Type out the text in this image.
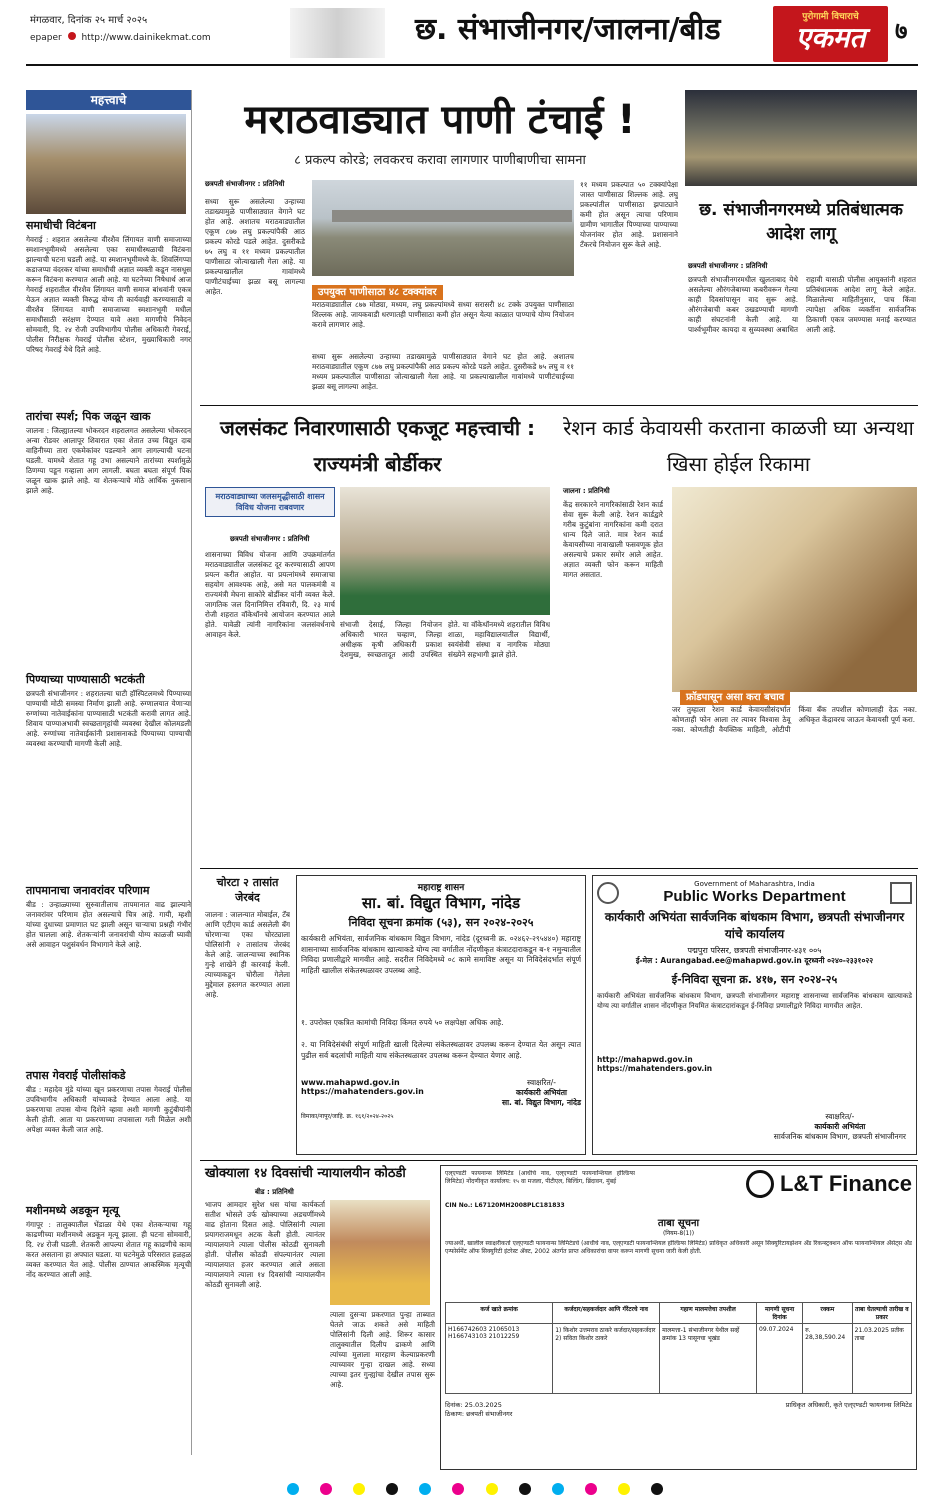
मंगळवार, दिनांक २५ मार्च २०२५
epaper http://www.dainikekmat.com	छ. संभाजीनगर/जालना/बीड	पुरोगामी विचाराचे
एकमत	७
महत्त्वाचे
समाधीची विटंबना
गेवराई : शहरात असलेल्या वीरशैव लिंगायत वाणी समाजाच्या स्मशानभूमीमध्ये असलेल्या एका समाधीस्थळाची विटंबना झाल्याची घटना घडली आहे. या स्मशानभूमीमध्ये के. शिवलिंगप्पा कडाजप्पा वंदरकर यांच्या समाधीची अज्ञात व्यक्ती कडून नासधूस करून विटंबना करण्यात आली आहे. या घटनेच्या निषेधार्थ आज गेवराई शहरातील वीरशैव लिंगायत वाणी समाज बांधवांनी एकत्र येऊन अज्ञात व्यक्ती विरुद्ध योग्य ती कार्यवाही करण्यासाठी व वीरशैव लिंगायत वाणी समाजाच्या स्मशानभूमी मधील समाधीसाठी सरंक्षण देण्यात यावे अशा मागणीचे निवेदन सोमवारी, दि. २४ रोजी उपविभागीय पोलीस अधिकारी गेवराई, पोलीस निरीक्षक गेवराई पोलीस स्टेशन, मुख्याधिकारी नगर परिषद गेवराई येथे दिले आहे.
तारांचा स्पर्श; पिक जळून खाक
जालना : जिल्ह्यातल्या भोकरदन शहरालगत असलेल्या भोकरदन अन्वा रोडवर आलापूर शिवारात एका शेतात उच्च विद्युत दाब वाहिनीच्या तारा एकमेकांवर पडल्याने आग लागल्याची घटना घडली. यामध्ये शेतात गहू उभा असल्याने तारांच्या स्पर्शामुळे ठिणग्या पडून गव्हाला आग लागली. बघता बघता संपूर्ण पिक जळून खाक झाले आहे. या शेतकऱ्याचे मोठे आर्थिक नुकसान झाले आहे.
पिण्याच्या पाण्यासाठी भटकंती
छत्रपती संभाजीनगर : शहरातल्या घाटी हॉस्पिटलमध्ये पिण्याच्या पाण्याची मोठी समस्या निर्माण झाली आहे. रुग्णालयात येणाऱ्या रुग्णांच्या नातेवाईकांना पाण्यासाठी भटकंती करावी लागत आहे. शिवाय पाण्याअभावी स्वच्छतागृहांची व्यवस्था देखील कोलमडली आहे. रुग्णांच्या नातेवाईकांनी प्रशासनाकडे पिण्याच्या पाण्याची व्यवस्था करण्याची मागणी केली आहे.
तापमानाचा जनावरांवर परिणाम
बीड : उन्हाळ्याच्या सुरुवातीलाच तापमानात वाढ झाल्याने जनावरांवर परिणाम होत असल्याचे चित्र आहे. गायी, म्हशी यांच्या दुधाच्या प्रमाणात घट झाली असून चाऱ्याचा प्रश्नही गंभीर होत चालला आहे. शेतकऱ्यांनी जनावरांची योग्य काळजी घ्यावी असे आवाहन पशुसंवर्धन विभागाने केले आहे.
तपास गेवराई पोलीसांकडे
बीड : महादेव मुंडे यांच्या खून प्रकरणाचा तपास गेवराई पोलीस उपविभागीय अधिकारी यांच्याकडे देण्यात आला आहे. या प्रकरणाचा तपास योग्य दिशेने व्हावा अशी मागणी कुटुंबीयांनी केली होती. आता या प्रकरणाच्या तपासाला गती मिळेल अशी अपेक्षा व्यक्त केली जात आहे.
मशीनमध्ये अडकून मृत्यू
गंगापूर : तालुक्यातील भेंडाळा येथे एका शेतकऱ्याचा गहू काढणीच्या मशीनमध्ये अडकून मृत्यू झाला. ही घटना सोमवारी, दि. २४ रोजी घडली. शेतकरी आपल्या शेतात गहू काढणीचे काम करत असताना हा अपघात घडला. या घटनेमुळे परिसरात हळहळ व्यक्त करण्यात येत आहे. पोलीस ठाण्यात आकस्मिक मृत्यूची नोंद करण्यात आली आहे.
मराठवाड्यात पाणी टंचाई !
८ प्रकल्प कोरडे; लवकरच करावा लागणार पाणीबाणीचा सामना
छत्रपती संभाजीनगर : प्रतिनिधी
सध्या सुरू असलेल्या उन्हाच्या तडाख्यामुळे पाणीसाठ्यात वेगाने घट होत आहे. अशातच मराठवाड्यातील एकूण ८७७ लघु प्रकल्पांपैकी आठ प्रकल्प कोरडे पडले आहेत. दुसरीकडे ७५ लघु व ११ मध्यम प्रकल्पातील पाणीसाठा जोत्याखाली गेला आहे. या प्रकल्पाखालील गावांमध्ये पाणीटंचाईच्या झळा बसू लागल्या आहेत.	उपयुक्त पाणीसाठा ४८ टक्क्यांवर
मराठवाड्यातील ८७७ मोठ्या, मध्यम, लघु प्रकल्पांमध्ये सध्या सरासरी ४८ टक्के उपयुक्त पाणीसाठा शिल्लक आहे. जायकवाडी धरणातही पाणीसाठा कमी होत असून येत्या काळात पाण्याचे योग्य नियोजन करावे लागणार आहे.
सध्या सुरू असलेल्या उन्हाच्या तडाख्यामुळे पाणीसाठ्यात वेगाने घट होत आहे. अशातच मराठवाड्यातील एकूण ८७७ लघु प्रकल्पांपैकी आठ प्रकल्प कोरडे पडले आहेत. दुसरीकडे ७५ लघु व ११ मध्यम प्रकल्पातील पाणीसाठा जोत्याखाली गेला आहे. या प्रकल्पाखालील गावांमध्ये पाणीटंचाईच्या झळा बसू लागल्या आहेत.
११ मध्यम प्रकल्पात ५० टक्क्यांपेक्षा जास्त पाणीसाठा शिल्लक आहे. लघु प्रकल्पांतील पाणीसाठा झपाट्याने कमी होत असून त्याचा परिणाम ग्रामीण भागातील पिण्याच्या पाण्याच्या योजनांवर होत आहे. प्रशासनाने टँकरचे नियोजन सुरू केले आहे.
छ. संभाजीनगरमध्ये प्रतिबंधात्मक आदेश लागू
छत्रपती संभाजीनगर : प्रतिनिधी
छत्रपती संभाजीनगरमधील खुलताबाद येथे असलेल्या औरंगजेबाच्या कबरीवरून गेल्या काही दिवसांपासून वाद सुरू आहे. औरंगजेबाची कबर उखडण्याची मागणी काही संघटनांनी केली आहे. या पार्श्वभूमीवर कायदा व सुव्यवस्था अबाधित राहावी यासाठी पोलीस आयुक्तांनी शहरात प्रतिबंधात्मक आदेश लागू केले आहेत. मिळालेल्या माहितीनुसार, पाच किंवा त्यापेक्षा अधिक व्यक्तींना सार्वजनिक ठिकाणी एकत्र जमण्यास मनाई करण्यात आली आहे.
जलसंकट निवारणासाठी एकजूट महत्त्वाची : राज्यमंत्री बोर्डीकर
मराठवाड्याच्या जलसमृद्धीसाठी शासन विविध योजना राबवणार
छत्रपती संभाजीनगर : प्रतिनिधी
शासनाच्या विविध योजना आणि उपक्रमांतर्गत मराठवाड्यातील जलसंकट दूर करण्यासाठी आपण प्रयत्न करीत आहोत. या प्रयत्नांमध्ये समाजाचा सहयोग आवश्यक आहे, असे मत पालकमंत्री व राज्यमंत्री मेघना साकोरे बोर्डीकर यांनी व्यक्त केले. जागतिक जल दिनानिमित्त रविवारी, दि. २३ मार्च रोजी शहरात वॉकेथॉनचे आयोजन करण्यात आले होते. यावेळी त्यांनी नागरिकांना जलसंवर्धनाचे आवाहन केले.
संभाजी देसाई, जिल्हा नियोजन अधिकारी भारत चव्हाण, जिल्हा अधीक्षक कृषी अधिकारी प्रकाश देशमुख, स्वच्छतादूत आदी उपस्थित होते. या वॉकेथॉनमध्ये शहरातील विविध शाळा, महाविद्यालयातील विद्यार्थी, स्वयंसेवी संस्था व नागरिक मोठ्या संख्येने सहभागी झाले होते.
रेशन कार्ड केवायसी करताना काळजी घ्या अन्यथा खिसा होईल रिकामा
जालना : प्रतिनिधी
केंद्र सरकारने नागरिकांसाठी रेशन कार्ड सेवा सुरू केली आहे. रेशन कार्डद्वारे गरीब कुटुंबांना नागरिकांना कमी दरात धान्य दिले जाते. मात्र रेशन कार्ड केवायसीच्या नावाखाली फसवणूक होत असल्याचे प्रकार समोर आले आहेत. अज्ञात व्यक्ती फोन करून माहिती मागत असतात.
फ्रॉडपासून असा करा बचाव
जर तुम्हाला रेशन कार्ड केवायसीसंदर्भात कोणताही फोन आला तर त्यावर विश्वास ठेवू नका. कोणतीही वैयक्तिक माहिती, ओटीपी किंवा बँक तपशील कोणालाही देऊ नका. अधिकृत केंद्रावरच जाऊन केवायसी पूर्ण करा.
चोरटा २ तासांत जेरबंद
जालना : जालन्यात मोबाईल, टॅब आणि एटीएम कार्ड असलेली बॅग चोरणाऱ्या एका चोरट्याला पोलिसांनी २ तासांतच जेरबंद केले आहे. जालन्याच्या स्थानिक गुन्हे शाखेने ही कारवाई केली. त्याच्याकडून चोरीला गेलेला मुद्देमाल हस्तगत करण्यात आला आहे.
महाराष्ट्र शासन
सा. बां. विद्युत विभाग, नांदेड
निविदा सूचना क्रमांक (५३), सन २०२४-२०२५
कार्यकारी अभियंता, सार्वजनिक बांधकाम विद्युत विभाग, नांदेड (दूरध्वनी क्र. ०२४६२-२९५४४०) महाराष्ट्र शासनाच्या सार्वजनिक बांधकाम खात्याकडे योग्य त्या वर्गातील नोंदणीकृत कंत्राटदाराकडून ब-१ नमुन्यातील निविदा प्रणालीद्वारे मागवीत आहे. सदरील निविदेमध्ये ०८ कामे समाविष्ट असून या निविदेसंदर्भात संपूर्ण माहिती खालील संकेतस्थळावर उपलब्ध आहे.
१. उपरोक्त एकत्रित कामांची निविदा किंमत रुपये ५० लक्षपेक्षा अधिक आहे.
२. या निविदेसंबंधी संपूर्ण माहिती खाली दिलेल्या संकेतस्थळावर उपलब्ध करून देण्यात येत असून त्यात पुढील सर्व बदलांची माहिती याच संकेतस्थळावर उपलब्ध करून देण्यात येणार आहे.
www.mahapwd.gov.in
https://mahatenders.gov.in
स्वाक्षरित/-
कार्यकारी अभियंता
सा. बां. विद्युत विभाग, नांदेड
विमाका/नापूर/जाहि. क्र. १६१/२०२४-२०२५
Government of Maharashtra, India
Public Works Department
कार्यकारी अभियंता सार्वजनिक बांधकाम विभाग, छत्रपती संभाजीनगर यांचे कार्यालय
पद्मपुरा परिसर, छत्रपती संभाजीनगर-४३१ ००५
ई-मेल : Aurangabad.ee@mahapwd.gov.in दूरध्वनी ०२४०-२३३१०२२
ई-निविदा सूचना क्र. ४१७, सन २०२४-२५
कार्यकारी अभियंता सार्वजनिक बांधकाम विभाग, छत्रपती संभाजीनगर महाराष्ट्र शासनाच्या सार्वजनिक बांधकाम खात्याकडे योग्य त्या वर्गातील शासन नोंदणीकृत नियमित कंत्राटदारांकडून ई-निविदा प्रणालीद्वारे निविदा मागवीत आहेत.
http://mahapwd.gov.in
https://mahatenders.gov.in
स्वाक्षरित/-
कार्यकारी अभियंता
सार्वजनिक बांधकाम विभाग, छत्रपती संभाजीनगर
खोक्याला १४ दिवसांची न्यायालयीन कोठडी
बीड : प्रतिनिधी
भाजप आमदार सुरेश धस यांचा कार्यकर्ता सतीश भोसले उर्फ खोक्याच्या अडचणींमध्ये वाढ होताना दिसत आहे. पोलिसांनी त्याला प्रयागराजमधून अटक केली होती. त्यानंतर न्यायालयाने त्याला पोलीस कोठडी सुनावली होती. पोलीस कोठडी संपल्यानंतर त्याला न्यायालयात हजर करण्यात आले असता न्यायालयाने त्याला १४ दिवसांची न्यायालयीन कोठडी सुनावली आहे.
त्याला दुसऱ्या प्रकरणात पुन्हा ताब्यात घेतले जाऊ शकते असे माहिती पोलिसांनी दिली आहे. शिरूर कासार तालुक्यातील दिलीप ढाकणे आणि त्यांच्या मुलाला मारहाण केल्याप्रकरणी त्याच्यावर गुन्हा दाखल आहे. सध्या त्याच्या इतर गुन्ह्यांचा देखील तपास सुरू आहे.
एल्एण्डटी फायनान्स लिमिटेड (आधीचे नाव, एल्एण्डटी फायनान्शियल होल्डिंग्स लिमिटेड) नोंदणीकृत कार्यालय: १५ वा मजला, पीटीएल, बिल्डिंग, ब्रिंदावन, मुंबई
CIN No.: L67120MH2008PLC181833
L&T Finance
ताबा सूचना
(नियम-8(1))
ज्याअर्थी, खालील स्वाक्षरीकर्ता एल्एण्डटी फायनान्स लिमिटेडचे (आधीचे नाव, एल्एण्डटी फायनान्शियल होल्डिंग्स लिमिटेड) प्राधिकृत अधिकारी असून सिक्युरिटायझेशन अँड रिकन्स्ट्रक्शन ऑफ फायनान्शियल ॲसेट्स अँड एन्फोर्समेंट ऑफ सिक्युरिटी इंटरेस्ट ॲक्ट, 2002 अंतर्गत प्राप्त अधिकारांचा वापर करून मागणी सूचना जारी केली होती.
कर्ज खाते क्रमांक	कर्जदार/सहकर्जदार आणि गॅरेंटरचे नाव	गहाण मालमत्तेचा तपशील	मागणी सूचना दिनांक	रक्कम	ताबा घेतल्याची तारीख व प्रकार
H166742603 21065013 H166743103 21012259	1) किशोर उत्तमराव ठाकरे कर्जदार/सहकर्जदार 2) सविता किशोर ठाकरे	मालमत्ता-1 संभाजीनगर येथील सर्व्हे क्रमांक 13 पासूनचा भूखंड	09.07.2024	रु. 28,38,590.24	21.03.2025 प्रतीक ताबा
दिनांक: 25.03.2025
ठिकाण: छत्रपती संभाजीनगर
प्राधिकृत अधिकारी, कृते एल्एण्डटी फायनान्स लिमिटेड
